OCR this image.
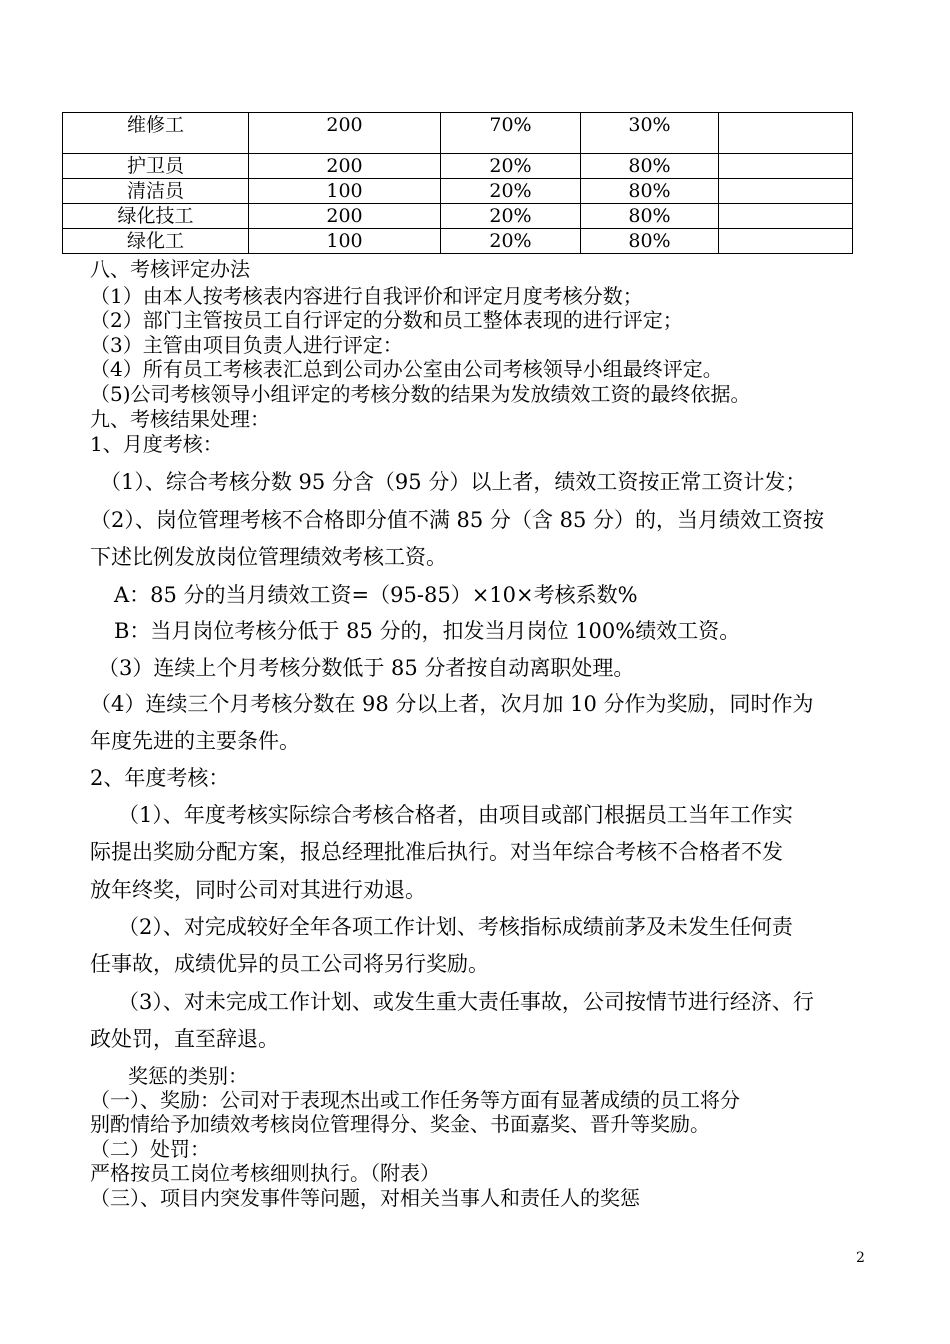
维修工	200	70%	30%	
护卫员	200	20%	80%	
清洁员	100	20%	80%	
绿化技工	200	20%	80%	
绿化工	100	20%	80%	
八、考核评定办法
（1）由本人按考核表内容进行自我评价和评定月度考核分数；
（2）部门主管按员工自行评定的分数和员工整体表现的进行评定；
（3）主管由项目负责人进行评定：
（4）所有员工考核表汇总到公司办公室由公司考核领导小组最终评定。
（5)公司考核领导小组评定的考核分数的结果为发放绩效工资的最终依据。
九、考核结果处理：
1、月度考核：
（1）、综合考核分数 95 分含（95 分）以上者，绩效工资按正常工资计发；
（2）、岗位管理考核不合格即分值不满 85 分（含 85 分）的，当月绩效工资按
下述比例发放岗位管理绩效考核工资。
A：85 分的当月绩效工资=（95-85）×10×考核系数%
B：当月岗位考核分低于 85 分的，扣发当月岗位 100%绩效工资。
（3）连续上个月考核分数低于 85 分者按自动离职处理。
（4）连续三个月考核分数在 98 分以上者，次月加 10 分作为奖励，同时作为
年度先进的主要条件。
2、年度考核：
（1）、年度考核实际综合考核合格者，由项目或部门根据员工当年工作实
际提出奖励分配方案，报总经理批准后执行。对当年综合考核不合格者不发
放年终奖，同时公司对其进行劝退。
（2）、对完成较好全年各项工作计划、考核指标成绩前茅及未发生任何责
任事故，成绩优异的员工公司将另行奖励。
（3）、对未完成工作计划、或发生重大责任事故，公司按情节进行经济、行
政处罚，直至辞退。
奖惩的类别：
（一）、奖励：公司对于表现杰出或工作任务等方面有显著成绩的员工将分
别酌情给予加绩效考核岗位管理得分、奖金、书面嘉奖、晋升等奖励。
（二）处罚：
严格按员工岗位考核细则执行。（附表）
（三）、项目内突发事件等问题，对相关当事人和责任人的奖惩
2
